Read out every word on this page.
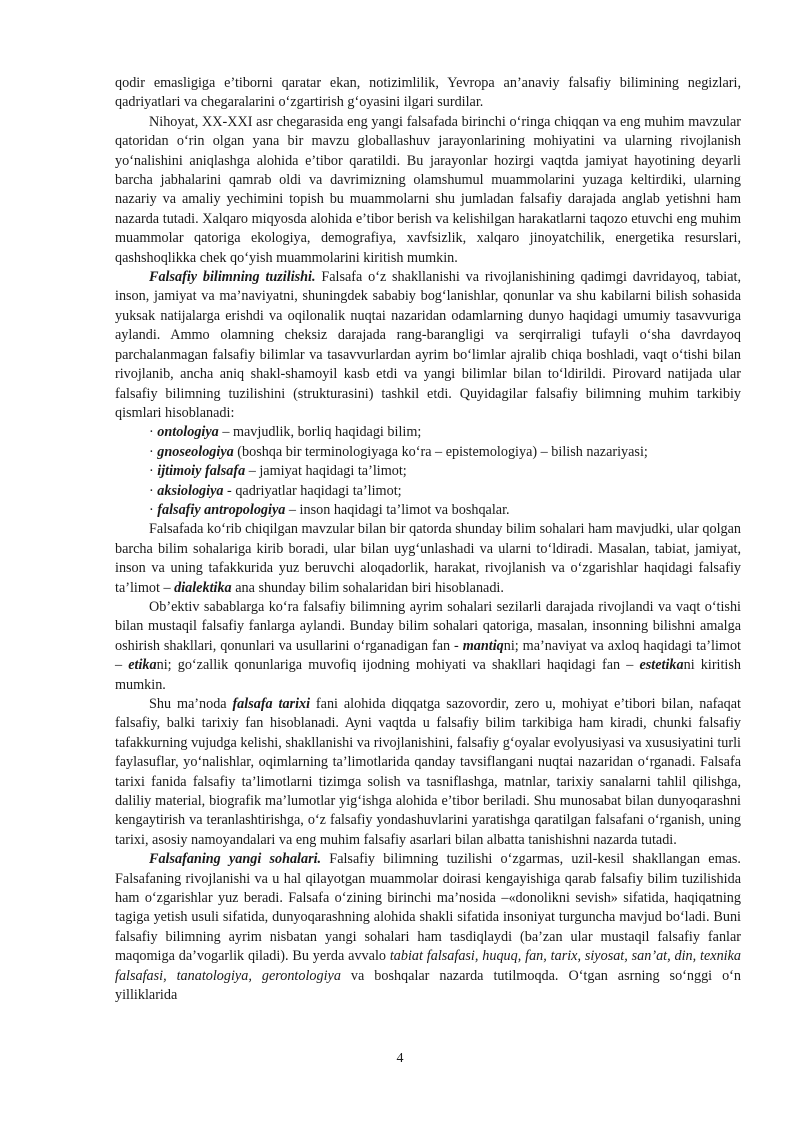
qodir emasligiga e’tiborni qaratar ekan, notizimlilik, Yevropa an’anaviy falsafiy bilimining negizlari, qadriyatlari va chegaralarini o‘zgartirish g‘oyasini ilgari surdilar.

Nihoyat, XX-XXI asr chegarasida eng yangi falsafada birinchi o‘ringa chiqqan va eng muhim mavzular qatoridan o‘rin olgan yana bir mavzu globallashuv jarayonlarining mohiyatini va ularning rivojlanish yo‘nalishini aniqlashga alohida e’tibor qaratildi. Bu jarayonlar hozirgi vaqtda jamiyat hayotining deyarli barcha jabhalarini qamrab oldi va davrimizning olamshumul muammolarini yuzaga keltirdiki, ularning nazariy va amaliy yechimini topish bu muammolarni shu jumladan falsafiy darajada anglab yetishni ham nazarda tutadi. Xalqaro miqyosda alohida e’tibor berish va kelishilgan harakatlarni taqozo etuvchi eng muhim muammolar qatoriga ekologiya, demografiya, xavfsizlik, xalqaro jinoyatchilik, energetika resurslari, qashshoqlikka chek qo‘yish muammolarini kiritish mumkin.

Falsafiy bilimning tuzilishi. Falsafa o‘z shakllanishi va rivojlanishining qadimgi davridayoq, tabiat, inson, jamiyat va ma’naviyatni, shuningdek sababiy bog‘lanishlar, qonunlar va shu kabilarni bilish sohasida yuksak natijalarga erishdi va oqilonalik nuqtai nazaridan odamlarning dunyo haqidagi umumiy tasavvuriga aylandi. Ammo olamning cheksiz darajada rang-barangligi va serqirraligi tufayli o‘sha davrdayoq parchalanmagan falsafiy bilimlar va tasavvurlardan ayrim bo‘limlar ajralib chiqa boshladi, vaqt o‘tishi bilan rivojlanib, ancha aniq shakl-shamoyil kasb etdi va yangi bilimlar bilan to‘ldirildi. Pirovard natijada ular falsafiy bilimning tuzilishini (strukturasini) tashkil etdi. Quyidagilar falsafiy bilimning muhim tarkibiy qismlari hisoblanadi:

· ontologiya – mavjudlik, borliq haqidagi bilim;

· gnoseologiya (boshqa bir terminologiyaga ko‘ra – epistemologiya) – bilish nazariyasi;

· ijtimoiy falsafa – jamiyat haqidagi ta’limot;

· aksiologiya - qadriyatlar haqidagi ta’limot;

· falsafiy antropologiya – inson haqidagi ta’limot va boshqalar.

Falsafada ko‘rib chiqilgan mavzular bilan bir qatorda shunday bilim sohalari ham mavjudki, ular qolgan barcha bilim sohalariga kirib boradi, ular bilan uyg‘unlashadi va ularni to‘ldiradi. Masalan, tabiat, jamiyat, inson va uning tafakkurida yuz beruvchi aloqadorlik, harakat, rivojlanish va o‘zgarishlar haqidagi falsafiy ta’limot – dialektika ana shunday bilim sohalaridan biri hisoblanadi.

Ob’ektiv sabablarga ko‘ra falsafiy bilimning ayrim sohalari sezilarli darajada rivojlandi va vaqt o‘tishi bilan mustaqil falsafiy fanlarga aylandi. Bunday bilim sohalari qatoriga, masalan, insonning bilishni amalga oshirish shakllari, qonunlari va usullarini o‘rganadigan fan - mantiqni; ma’naviyat va axloq haqidagi ta’limot – etikani; go‘zallik qonunlariga muvofiq ijodning mohiyati va shakllari haqidagi fan – estetikani kiritish mumkin.

Shu ma’noda falsafa tarixi fani alohida diqqatga sazovordir, zero u, mohiyat e’tibori bilan, nafaqat falsafiy, balki tarixiy fan hisoblanadi. Ayni vaqtda u falsafiy bilim tarkibiga ham kiradi, chunki falsafiy tafakkurning vujudga kelishi, shakllanishi va rivojlanishini, falsafiy g‘oyalar evolyusiyasi va xususiyatini turli faylasuflar, yo‘nalishlar, oqimlarning ta’limotlarida qanday tavsiflangani nuqtai nazaridan o‘rganadi. Falsafa tarixi fanida falsafiy ta’limotlarni tizimga solish va tasniflashga, matnlar, tarixiy sanalarni tahlil qilishga, daliliy material, biografik ma’lumotlar yig‘ishga alohida e’tibor beriladi. Shu munosabat bilan dunyoqarashni kengaytirish va teranlashtirishga, o‘z falsafiy yondashuvlarini yaratishga qaratilgan falsafani o‘rganish, uning tarixi, asosiy namoyandalari va eng muhim falsafiy asarlari bilan albatta tanishishni nazarda tutadi.

Falsafaning yangi sohalari. Falsafiy bilimning tuzilishi o‘zgarmas, uzil-kesil shakllangan emas. Falsafaning rivojlanishi va u hal qilayotgan muammolar doirasi kengayishiga qarab falsafiy bilim tuzilishida ham o‘zgarishlar yuz beradi. Falsafa o‘zining birinchi ma’nosida –«donolikni sevish» sifatida, haqiqatning tagiga yetish usuli sifatida, dunyoqarashning alohida shakli sifatida insoniyat turguncha mavjud bo‘ladi. Buni falsafiy bilimning ayrim nisbatan yangi sohalari ham tasdiqlaydi (ba’zan ular mustaqil falsafiy fanlar maqomiga da’vogarlik qiladi). Bu yerda avvalo tabiat falsafasi, huquq, fan, tarix, siyosat, san’at, din, texnika falsafasi, tanatologiya, gerontologiya va boshqalar nazarda tutilmoqda. O‘tgan asrning so‘nggi o‘n yilliklarida

4
